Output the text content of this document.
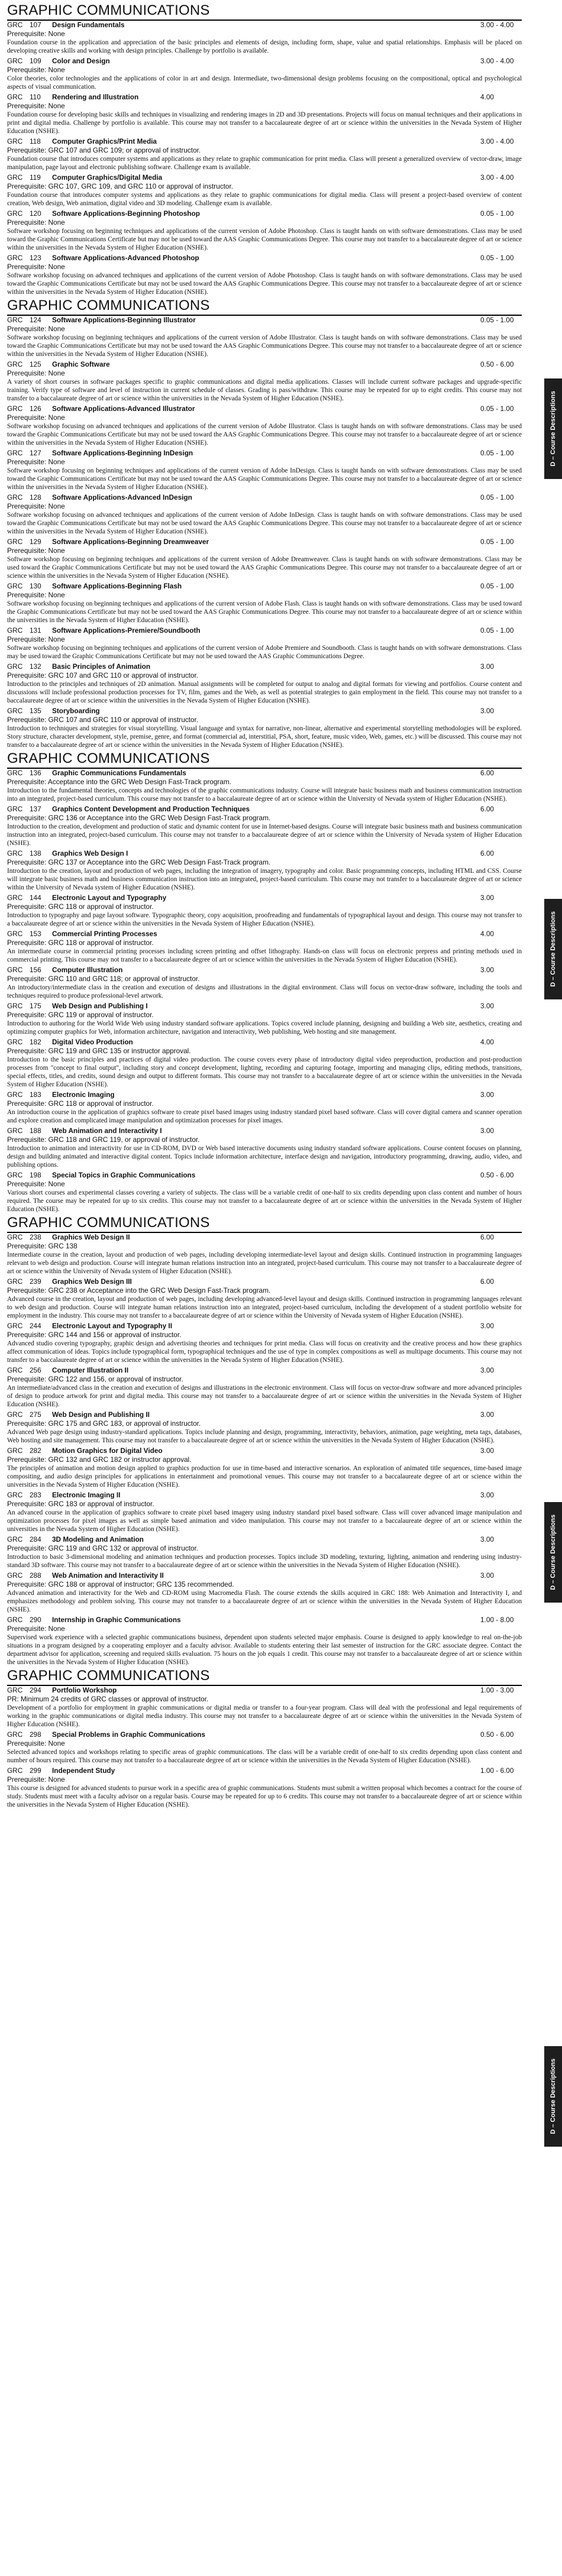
GRAPHIC COMMUNICATIONS
GRC 107	Design Fundamentals	3.00 - 4.00
Prerequisite: None

Foundation course in the application and appreciation of the basic principles and elements of design, including form, shape, value and spatial relationships. Emphasis will be placed on developing creative skills and working with design principles. Challenge by portfolio is available.

GRC 109	Color and Design	3.00 - 4.00
Prerequisite: None

Color theories, color technologies and the applications of color in art and design. Intermediate, two-dimensional design problems focusing on the compositional, optical and psychological aspects of visual communication.

GRC 110	Rendering and Illustration	4.00
Prerequisite: None

Foundation course for developing basic skills and techniques in visualizing and rendering images in 2D and 3D presentations. Projects will focus on manual techniques and their applications in print and digital media. Challenge by portfolio is available. This course may not transfer to a baccalaureate degree of art or science within the universities in the Nevada System of Higher Education (NSHE).

GRC 118	Computer Graphics/Print Media	3.00 - 4.00
Prerequisite: GRC 107 and GRC 109; or approval of instructor.

Foundation course that introduces computer systems and applications as they relate to graphic communication for print media. Class will present a generalized overview of vector-draw, image manipulation, page layout and electronic publishing software. Challenge exam is available.

GRC 119	Computer Graphics/Digital Media	3.00 - 4.00
Prerequisite: GRC 107, GRC 109, and GRC 110 or approval of instructor.

Foundation course that introduces computer systems and applications as they relate to graphic communications for digital media. Class will present a project-based overview of content creation, Web design, Web animation, digital video and 3D modeling. Challenge exam is available.

GRC 120	Software Applications-Beginning Photoshop	0.05 - 1.00
Prerequisite: None

Software workshop focusing on beginning techniques and applications of the current version of Adobe Photoshop. Class is taught hands on with software demonstrations. Class may be used toward the Graphic Communications Certificate but may not be used toward the AAS Graphic Communications Degree. This course may not transfer to a baccalaureate degree of art or science within the universities in the Nevada System of Higher Education (NSHE).

GRC 123	Software Applications-Advanced Photoshop	0.05 - 1.00
Prerequisite: None

Software workshop focusing on advanced techniques and applications of the current version of Adobe Photoshop. Class is taught hands on with software demonstrations. Class may be used toward the Graphic Communications Certificate but may not be used toward the AAS Graphic Communications Degree. This course may not transfer to a baccalaureate degree of art or science within the universities in the Nevada System of Higher Education (NSHE).

GRAPHIC COMMUNICATIONS
GRC 124	Software Applications-Beginning Illustrator	0.05 - 1.00
Prerequisite: None

Software workshop focusing on beginning techniques and applications of the current version of Adobe Illustrator. Class is taught hands on with software demonstrations. Class may be used toward the Graphic Communications Certificate but may not be used toward the AAS Graphic Communications Degree. This course may not transfer to a baccalaureate degree of art or science within the universities in the Nevada System of Higher Education (NSHE).

GRC 125	Graphic Software	0.50 - 6.00
Prerequisite: None

A variety of short courses in software packages specific to graphic communications and digital media applications. Classes will include current software packages and upgrade-specific training. Verify type of software and level of instruction in current schedule of classes. Grading is pass/withdraw. This course may be repeated for up to eight credits. This course may not transfer to a baccalaureate degree of art or science within the universities in the Nevada System of Higher Education (NSHE).

GRC 126	Software Applications-Advanced Illustrator	0.05 - 1.00
Prerequisite: None

Software workshop focusing on advanced techniques and applications of the current version of Adobe Illustrator. Class is taught hands on with software demonstrations. Class may be used toward the Graphic Communications Certificate but may not be used toward the AAS Graphic Communications Degree. This course may not transfer to a baccalaureate degree of art or science within the universities in the Nevada System of Higher Education (NSHE).

GRC 127	Software Applications-Beginning InDesign	0.05 - 1.00
Prerequisite: None

Software workshop focusing on beginning techniques and applications of the current version of Adobe InDesign. Class is taught hands on with software demonstrations. Class may be used toward the Graphic Communications Certificate but may not be used toward the AAS Graphic Communications Degree. This course may not transfer to a baccalaureate degree of art or science within the universities in the Nevada System of Higher Education (NSHE).

GRC 128	Software Applications-Advanced InDesign	0.05 - 1.00
Prerequisite: None

Software workshop focusing on advanced techniques and applications of the current version of Adobe InDesign. Class is taught hands on with software demonstrations. Class may be used toward the Graphic Communications Certificate but may not be used toward the AAS Graphic Communications Degree. This course may not transfer to a baccalaureate degree of art or science within the universities in the Nevada System of Higher Education (NSHE).

GRC 129	Software Applications-Beginning Dreamweaver	0.05 - 1.00
Prerequisite: None

Software workshop focusing on beginning techniques and applications of the current version of Adobe Dreamweaver. Class is taught hands on with software demonstrations. Class may be used toward the Graphic Communications Certificate but may not be used toward the AAS Graphic Communications Degree. This course may not transfer to a baccalaureate degree of art or science within the universities in the Nevada System of Higher Education (NSHE).

GRC 130	Software Applications-Beginning Flash	0.05 - 1.00
Prerequisite: None

Software workshop focusing on beginning techniques and applications of the current version of Adobe Flash. Class is taught hands on with software demonstrations. Class may be used toward the Graphic Communications Certificate but may not be used toward the AAS Graphic Communications Degree. This course may not transfer to a baccalaureate degree of art or science within the universities in the Nevada System of Higher Education (NSHE).

GRC 131	Software Applications-Premiere/Soundbooth	0.05 - 1.00
Prerequisite: None

Software workshop focusing on beginning techniques and applications of the current version of Adobe Premiere and Soundbooth. Class is taught hands on with software demonstrations. Class may be used toward the Graphic Communications Certificate but may not be used toward the AAS Graphic Communications Degree.

GRC 132	Basic Principles of Animation	3.00
Prerequisite: GRC 107 and GRC 110 or approval of instructor.

Introduction to the principles and techniques of 2D animation. Manual assignments will be completed for output to analog and digital formats for viewing and portfolios. Course content and discussions will include professional production processes for TV, film, games and the Web, as well as potential strategies to gain employment in the field. This course may not transfer to a baccalaureate degree of art or science within the universities in the Nevada System of Higher Education (NSHE).

GRC 135	Storyboarding	3.00
Prerequisite: GRC 107 and GRC 110 or approval of instructor.

Introduction to techniques and strategies for visual storytelling. Visual language and syntax for narrative, non-linear, alternative and experimental storytelling methodologies will be explored. Story structure, character development, style, premise, genre, and format (commercial ad, interstitial, PSA, short, feature, music video, Web, games, etc.) will be discussed. This course may not transfer to a baccalaureate degree of art or science within the universities in the Nevada System of Higher Education (NSHE).

GRAPHIC COMMUNICATIONS
GRC 136	Graphic Communications Fundamentals	6.00
Prerequisite: Acceptance into the GRC Web Design Fast-Track program.

Introduction to the fundamental theories, concepts and technologies of the graphic communications industry. Course will integrate basic business math and business communication instruction into an integrated, project-based curriculum. This course may not transfer to a baccalaureate degree of art or science within the University of Nevada system of Higher Education (NSHE).

GRC 137	Graphics Content Development and Production Techniques	6.00
Prerequisite: GRC 136 or Acceptance into the GRC Web Design Fast-Track program.

Introduction to the creation, development and production of static and dynamic content for use in Internet-based designs. Course will integrate basic business math and business communication instruction into an integrated, project-based curriculum. This course may not transfer to a baccalaureate degree of art or science within the University of Nevada system of Higher Education (NSHE).

GRC 138	Graphics Web Design I	6.00
Prerequisite: GRC 137 or Acceptance into the GRC Web Design Fast-Track program.

Introduction to the creation, layout and production of web pages, including the integration of imagery, typography and color. Basic programming concepts, including HTML and CSS. Course will integrate basic business math and business communication instruction into an integrated, project-based curriculum. This course may not transfer to a baccalaureate degree of art or science within the University of Nevada system of Higher Education (NSHE).

GRC 144	Electronic Layout and Typography	3.00
Prerequisite: GRC 118 or approval of instructor.

Introduction to typography and page layout software. Typographic theory, copy acquisition, proofreading and fundamentals of typographical layout and design. This course may not transfer to a baccalaureate degree of art or science within the universities in the Nevada System of Higher Education (NSHE).

GRC 153	Commercial Printing Processes	4.00
Prerequisite: GRC 118 or approval of instructor.

An intermediate course in commercial printing processes including screen printing and offset lithography. Hands-on class will focus on electronic prepress and printing methods used in commercial printing. This course may not transfer to a baccalaureate degree of art or science within the universities in the Nevada System of Higher Education (NSHE).

GRC 156	Computer Illustration	3.00
Prerequisite: GRC 110 and GRC 118; or approval of instructor.

An introductory/intermediate class in the creation and execution of designs and illustrations in the digital environment. Class will focus on vector-draw software, including the tools and techniques required to produce professional-level artwork.

GRC 175	Web Design and Publishing I	3.00
Prerequisite: GRC 119 or approval of instructor.

Introduction to authoring for the World Wide Web using industry standard software applications. Topics covered include planning, designing and building a Web site, aesthetics, creating and optimizing computer graphics for Web, information architecture, navigation and interactivity, Web publishing, Web hosting and site management.

GRC 182	Digital Video Production	4.00
Prerequisite: GRC 119 and GRC 135 or instructor approval.

Introduction to the basic principles and practices of digital video production. The course covers every phase of introductory digital video preproduction, production and post-production processes from "concept to final output", including story and concept development, lighting, recording and capturing footage, importing and managing clips, editing methods, transitions, special effects, titles, and credits, sound design and output to different formats. This course may not transfer to a baccalaureate degree of art or science within the universities in the Nevada System of Higher Education (NSHE).

GRC 183	Electronic Imaging	3.00
Prerequisite: GRC 118 or approval of instructor.

An introduction course in the application of graphics software to create pixel based images using industry standard pixel based software. Class will cover digital camera and scanner operation and explore creation and complicated image manipulation and optimization processes for pixel images.

GRC 188	Web Animation and Interactivity I	3.00
Prerequisite: GRC 118 and GRC 119, or approval of instructor.

Introduction to animation and interactivity for use in CD-ROM, DVD or Web based interactive documents using industry standard software applications. Course content focuses on planning, design and building animated and interactive digital content. Topics include information architecture, interface design and navigation, introductory programming, drawing, audio, video, and publishing options.

GRC 198	Special Topics in Graphic Communications	0.50 - 6.00
Prerequisite: None

Various short courses and experimental classes covering a variety of subjects. The class will be a variable credit of one-half to six credits depending upon class content and number of hours required. The course may be repeated for up to six credits. This course may not transfer to a baccalaureate degree of art or science within the universities in the Nevada System of Higher Education (NSHE).

GRAPHIC COMMUNICATIONS
GRC 238	Graphics Web Design II	6.00
Prerequisite: GRC 138

Intermediate course in the creation, layout and production of web pages, including developing intermediate-level layout and design skills. Continued instruction in programming languages relevant to web design and production. Course will integrate human relations instruction into an integrated, project-based curriculum. This course may not transfer to a baccalaureate degree of art or science within the University of Nevada system of Higher Education (NSHE).

GRC 239	Graphics Web Design III	6.00
Prerequisite: GRC 238 or Acceptance into the GRC Web Design Fast-Track program.

Advanced course in the creation, layout and production of web pages, including developing advanced-level layout and design skills. Continued instruction in programming languages relevant to web design and production. Course will integrate human relations instruction into an integrated, project-based curriculum, including the development of a student portfolio website for employment in the industry. This course may not transfer to a baccalaureate degree of art or science within the University of Nevada system of Higher Education (NSHE).

GRC 244	Electronic Layout and Typography II	3.00
Prerequisite: GRC 144 and 156 or approval of instructor.

Advanced studio covering typography, graphic design and advertising theories and techniques for print media. Class will focus on creativity and the creative process and how these graphics affect communication of ideas. Topics include typographical form, typographical techniques and the use of type in complex compositions as well as multipage documents. This course may not transfer to a baccalaureate degree of art or science within the universities in the Nevada System of Higher Education (NSHE).

GRC 256	Computer Illustration II	3.00
Prerequisite: GRC 122 and 156, or approval of instructor.

An intermediate/advanced class in the creation and execution of designs and illustrations in the electronic environment. Class will focus on vector-draw software and more advanced principles of design to produce artwork for print and digital media. This course may not transfer to a baccalaureate degree of art or science within the universities in the Nevada System of Higher Education (NSHE).

GRC 275	Web Design and Publishing II	3.00
Prerequisite: GRC 175 and GRC 183, or approval of instructor.

Advanced Web page design using industry-standard applications. Topics include planning and design, programming, interactivity, behaviors, animation, page weighting, meta tags, databases, Web hosting and site management. This course may not transfer to a baccalaureate degree of art or science within the universities in the Nevada System of Higher Education (NSHE).

GRC 282	Motion Graphics for Digital Video	3.00
Prerequisite: GRC 132 and GRC 182 or instructor approval.

The principles of animation and motion design applied to graphics production for use in time-based and interactive scenarios. An exploration of animated title sequences, time-based image compositing, and audio design principles for applications in entertainment and promotional venues. This course may not transfer to a baccalaureate degree of art or science within the universities in the Nevada System of Higher Education (NSHE).

GRC 283	Electronic Imaging II	3.00
Prerequisite: GRC 183 or approval of instructor.

An advanced course in the application of graphics software to create pixel based imagery using industry standard pixel based software. Class will cover advanced image manipulation and optimization processes for pixel images as well as simple based animation and video manipulation. This course may not transfer to a baccalaureate degree of art or science within the universities in the Nevada System of Higher Education (NSHE).

GRC 284	3D Modeling and Animation	3.00
Prerequisite: GRC 119 and GRC 132 or approval of instructor.

Introduction to basic 3-dimensional modeling and animation techniques and production processes. Topics include 3D modeling, texturing, lighting, animation and rendering using industry-standard 3D software. This course may not transfer to a baccalaureate degree of art or science within the universities in the Nevada System of Higher Education (NSHE).

GRC 288	Web Animation and Interactivity II	3.00
Prerequisite: GRC 188 or approval of instructor; GRC 135 recommended.

Advanced animation and interactivity for the Web and CD-ROM using Macromedia Flash. The course extends the skills acquired in GRC 188: Web Animation and Interactivity I, and emphasizes methodology and problem solving. This course may not transfer to a baccalaureate degree of art or science within the universities in the Nevada System of Higher Education (NSHE).

GRC 290	Internship in Graphic Communications	1.00 - 8.00
Prerequisite: None

Supervised work experience with a selected graphic communications business, dependent upon students selected major emphasis. Course is designed to apply knowledge to real on-the-job situations in a program designed by a cooperating employer and a faculty advisor. Available to students entering their last semester of instruction for the GRC associate degree. Contact the department advisor for application, screening and required skills evaluation. 75 hours on the job equals 1 credit. This course may not transfer to a baccalaureate degree of art or science within the universities in the Nevada System of Higher Education (NSHE).

GRAPHIC COMMUNICATIONS
GRC 294	Portfolio Workshop	1.00 - 3.00
PR: Minimum 24 credits of GRC classes or approval of instructor.

Development of a portfolio for employment in graphic communications or digital media or transfer to a four-year program. Class will deal with the professional and legal requirements of working in the graphic communications or digital media industry. This course may not transfer to a baccalaureate degree of art or science within the universities in the Nevada System of Higher Education (NSHE).

GRC 298	Special Problems in Graphic Communications	0.50 - 6.00
Prerequisite: None

Selected advanced topics and workshops relating to specific areas of graphic communications. The class will be a variable credit of one-half to six credits depending upon class content and number of hours required. This course may not transfer to a baccalaureate degree of art or science within the universities in the Nevada System of Higher Education (NSHE).

GRC 299	Independent Study	1.00 - 6.00
Prerequisite: None

This course is designed for advanced students to pursue work in a specific area of graphic communications. Students must submit a written proposal which becomes a contract for the course of study. Students must meet with a faculty advisor on a regular basis. Course may be repeated for up to 6 credits. This course may not transfer to a baccalaureate degree of art or science within the universities in the Nevada System of Higher Education (NSHE).

D – Course Descriptions
D – Course Descriptions
D – Course Descriptions
D – Course Descriptions
